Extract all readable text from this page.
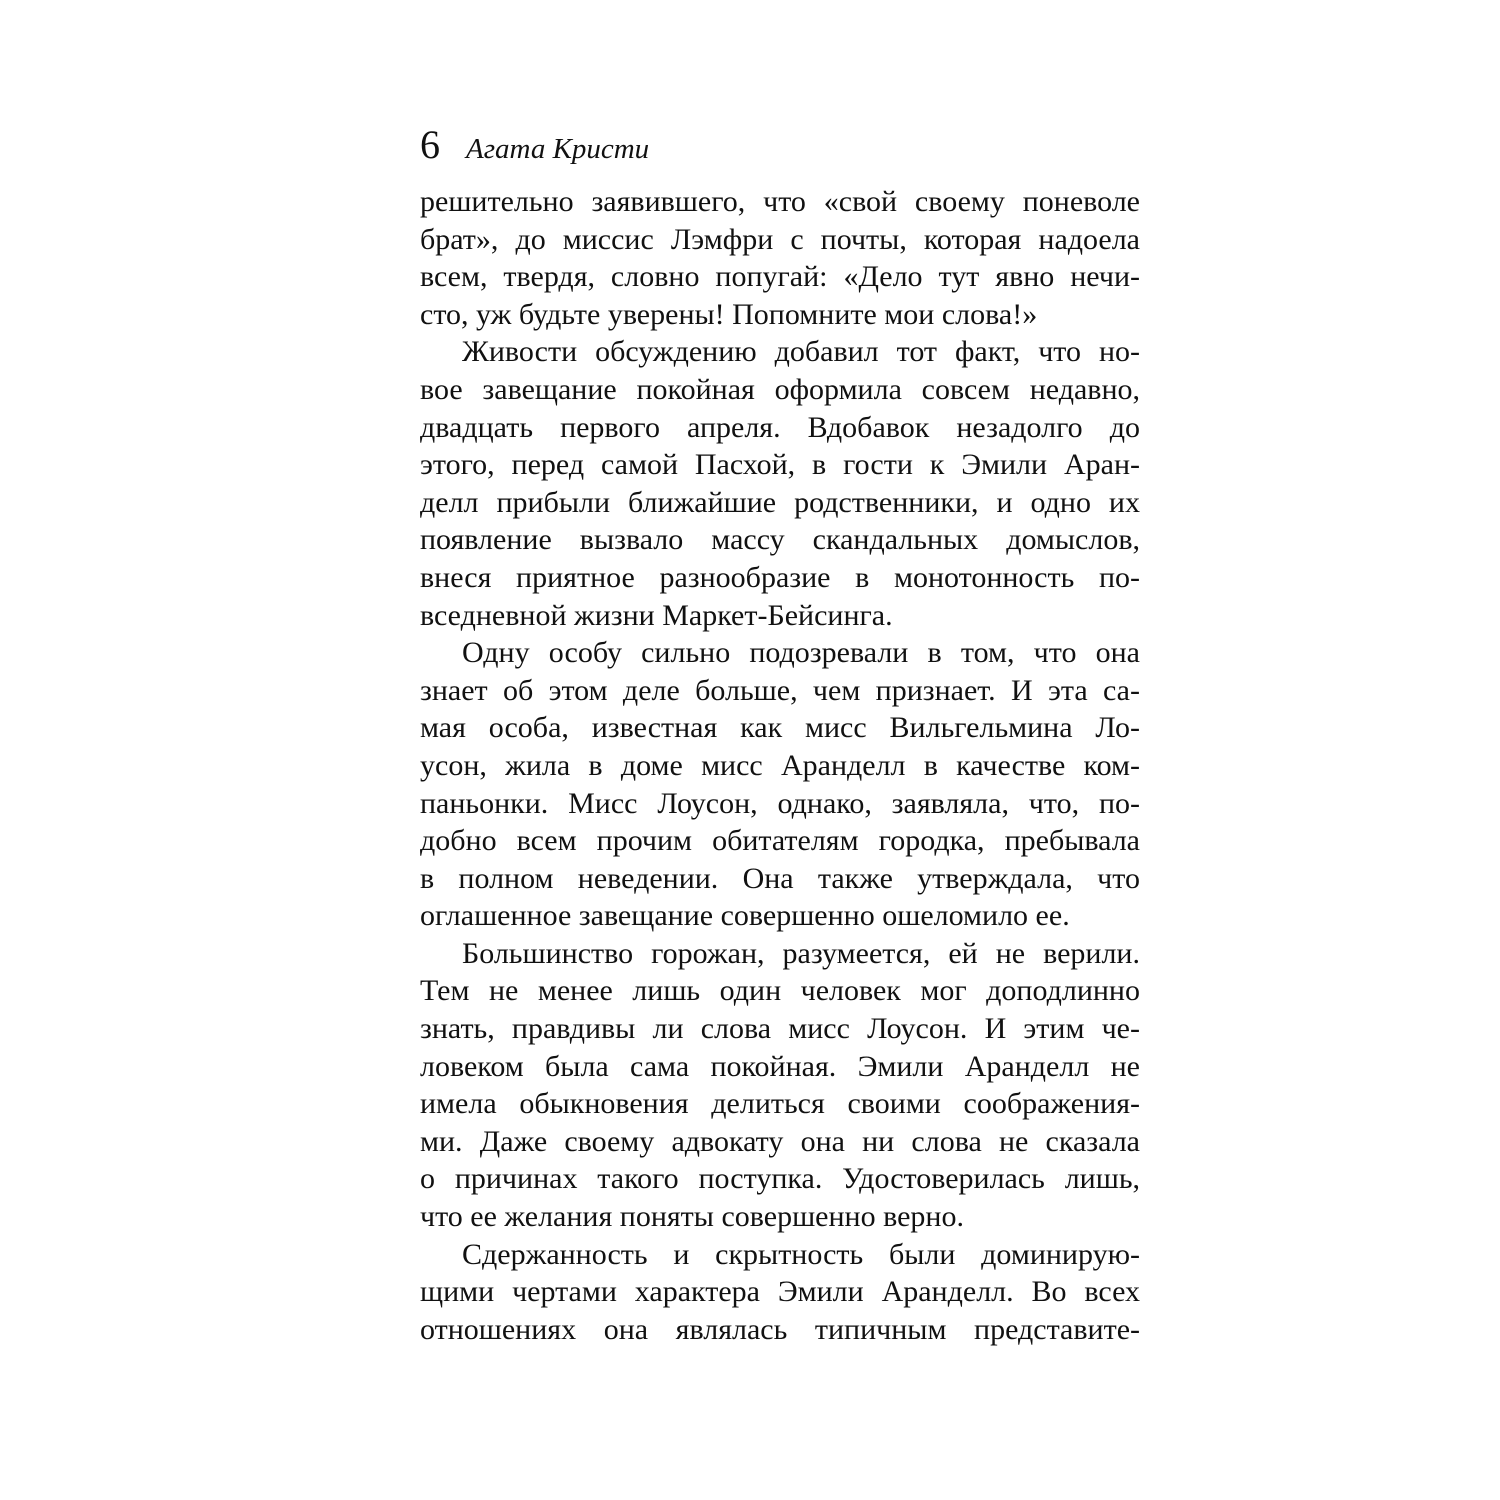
6 Агата Кристи

решительно заявившего, что «свой своему поневоле
брат», до миссис Лэмфри с почты, которая надоела
всем, твердя, словно попугай: «Дело тут явно нечи-
сто, уж будьте уверены! Попомните мои слова!»

Живости обсуждению добавил тот факт, что но-
вое завещание покойная оформила совсем недавно,
двадцать первого апреля. Вдобавок незадолго до
этого, перед самой Пасхой, в гости к Эмили Аран-
делл прибыли ближайшие родственники, и одно их
появление вызвало массу скандальных домыслов,
внеся приятное разнообразие в монотонность по-
вседневной жизни Маркет-Бейсинга.

Одну особу сильно подозревали в том, что она
знает об этом деле больше, чем признает. И эта са-
мая особа, известная как мисс Вильгельмина Ло-
усон, жила в доме мисс Аранделл в качестве ком-
паньонки. Мисс Лоусон, однако, заявляла, что, по-
добно всем прочим обитателям городка, пребывала
в полном неведении. Она также утверждала, что
оглашенное завещание совершенно ошеломило ее.

Большинство горожан, разумеется, ей не верили.
Тем не менее лишь один человек мог доподлинно
знать, правдивы ли слова мисс Лоусон. И этим че-
ловеком была сама покойная. Эмили Аранделл не
имела обыкновения делиться своими соображения-
ми. Даже своему адвокату она ни слова не сказала
о причинах такого поступка. Удостоверилась лишь,
что ее желания поняты совершенно верно.

Сдержанность и скрытность были доминирую-
щими чертами характера Эмили Аранделл. Во всех
отношениях она являлась типичным представите-
